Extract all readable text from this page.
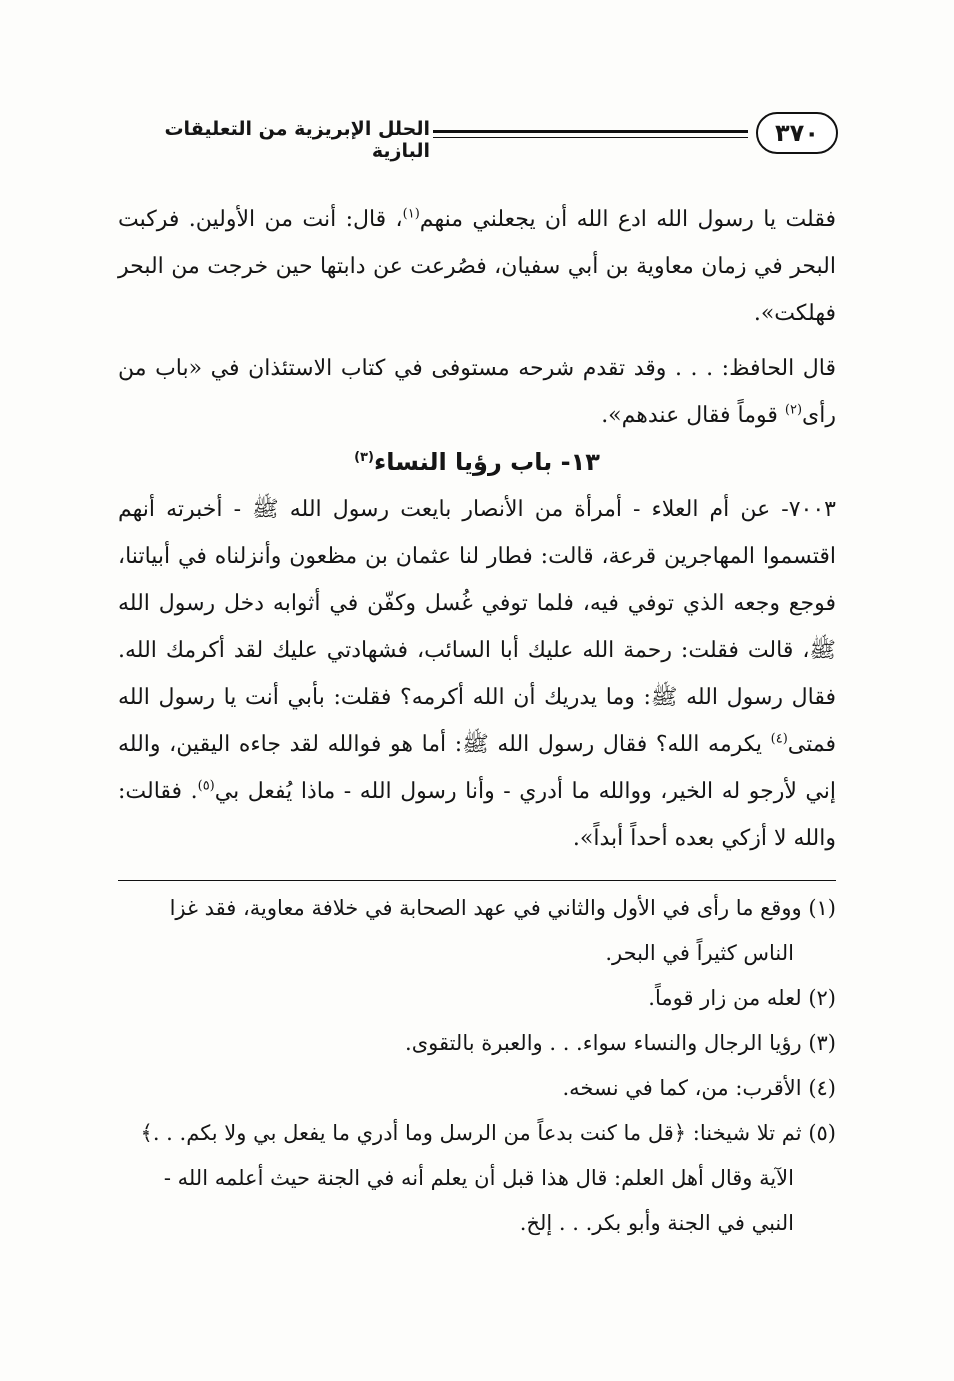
٣٧٠
الحلل الإبريزية من التعليقات البازية

فقلت يا رسول الله ادع الله أن يجعلني منهم$^{(١)}$، قال: أنت من الأولين. فركبت البحر في زمان معاوية بن أبي سفيان، فصُرعت عن دابتها حين خرجت من البحر فهلكت».

قال الحافظ: . . . وقد تقدم شرحه مستوفى في كتاب الاستئذان في «باب من رأى$^{(٢)}$ قوماً فقال عندهم».

١٣- باب رؤيا النساء$^{(٣)}$

٧٠٠٣- عن أم العلاء - أمرأة من الأنصار بايعت رسول الله ﷺ - أخبرته أنهم اقتسموا المهاجرين قرعة، قالت: فطار لنا عثمان بن مظعون وأنزلناه في أبياتنا، فوجع وجعه الذي توفي فيه، فلما توفي غُسل وكفّن في أثوابه دخل رسول الله ﷺ، قالت فقلت: رحمة الله عليك أبا السائب، فشهادتي عليك لقد أكرمك الله. فقال رسول الله ﷺ: وما يدريك أن الله أكرمه؟ فقلت: بأبي أنت يا رسول الله فمتى$^{(٤)}$ يكرمه الله؟ فقال رسول الله ﷺ: أما هو فوالله لقد جاءه اليقين، والله إني لأرجو له الخير، ووالله ما أدري - وأنا رسول الله - ماذا يُفعل بي$^{(٥)}$. فقالت: والله لا أزكي بعده أحداً أبداً».

(١) ووقع ما رأى في الأول والثاني في عهد الصحابة في خلافة معاوية، فقد غزا الناس كثيراً في البحر.

(٢) لعله من زار قوماً.

(٣) رؤيا الرجال والنساء سواء. . . والعبرة بالتقوى.

(٤) الأقرب: من، كما في نسخه.

(٥) ثم تلا شيخنا: ﴿قل ما كنت بدعاً من الرسل وما أدري ما يفعل بي ولا بكم. . .﴾ الآية وقال أهل العلم: قال هذا قبل أن يعلم أنه في الجنة حيث أعلمه الله - النبي في الجنة وأبو بكر. . . إلخ.
